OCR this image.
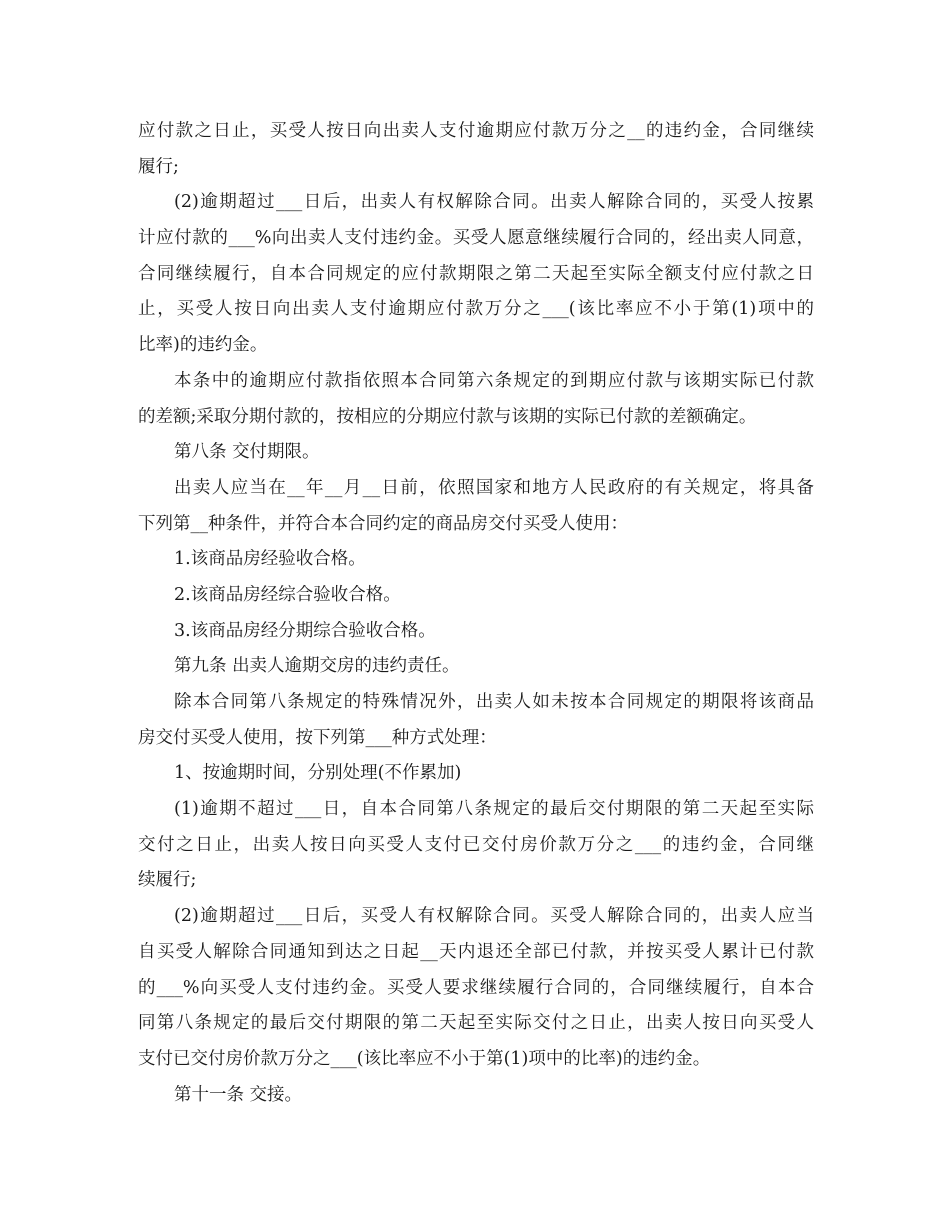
应付款之日止，买受人按日向出卖人支付逾期应付款万分之__的违约金，合同继续
履行;
(2)逾期超过___日后，出卖人有权解除合同。出卖人解除合同的，买受人按累
计应付款的___%向出卖人支付违约金。买受人愿意继续履行合同的，经出卖人同意，
合同继续履行，自本合同规定的应付款期限之第二天起至实际全额支付应付款之日
止，买受人按日向出卖人支付逾期应付款万分之___(该比率应不小于第(1)项中的
比率)的违约金。
本条中的逾期应付款指依照本合同第六条规定的到期应付款与该期实际已付款
的差额;采取分期付款的，按相应的分期应付款与该期的实际已付款的差额确定。
第八条 交付期限。
出卖人应当在__年__月__日前，依照国家和地方人民政府的有关规定，将具备
下列第__种条件，并符合本合同约定的商品房交付买受人使用：
1.该商品房经验收合格。
2.该商品房经综合验收合格。
3.该商品房经分期综合验收合格。
第九条 出卖人逾期交房的违约责任。
除本合同第八条规定的特殊情况外，出卖人如未按本合同规定的期限将该商品
房交付买受人使用，按下列第___种方式处理：
1、按逾期时间，分别处理(不作累加)
(1)逾期不超过___日，自本合同第八条规定的最后交付期限的第二天起至实际
交付之日止，出卖人按日向买受人支付已交付房价款万分之___的违约金，合同继
续履行;
(2)逾期超过___日后，买受人有权解除合同。买受人解除合同的，出卖人应当
自买受人解除合同通知到达之日起__天内退还全部已付款，并按买受人累计已付款
的___%向买受人支付违约金。买受人要求继续履行合同的，合同继续履行，自本合
同第八条规定的最后交付期限的第二天起至实际交付之日止，出卖人按日向买受人
支付已交付房价款万分之___(该比率应不小于第(1)项中的比率)的违约金。
第十一条 交接。
